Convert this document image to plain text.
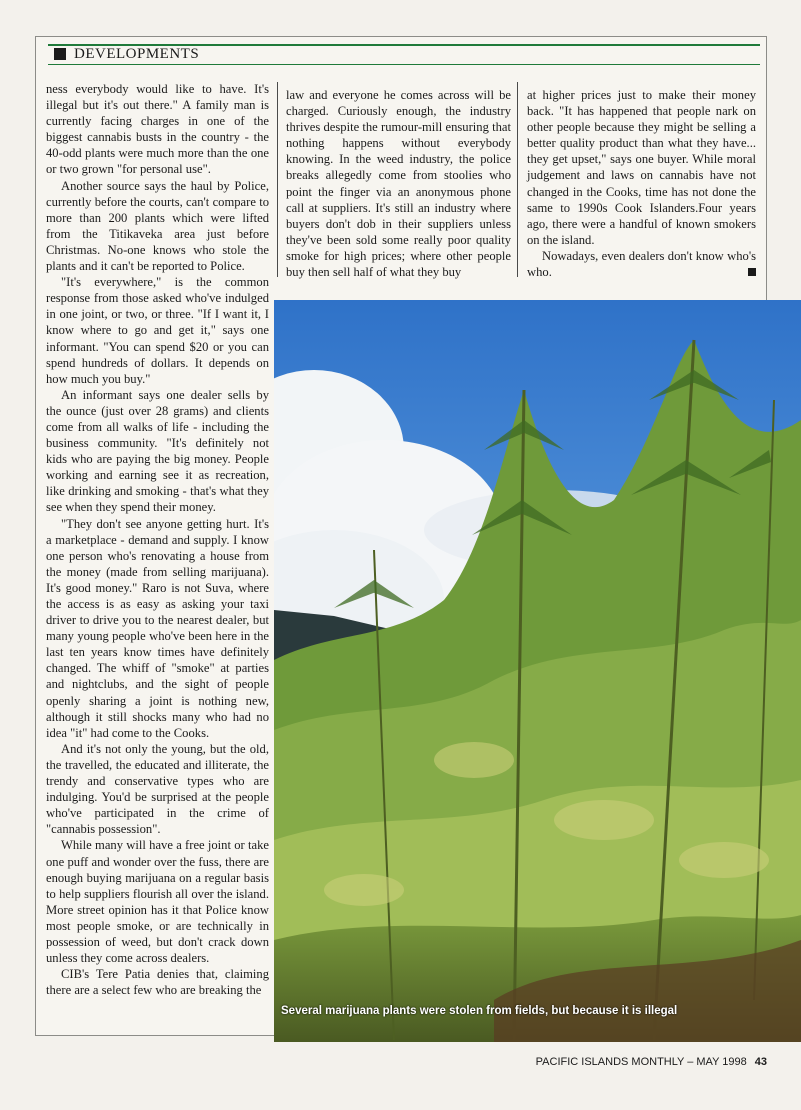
DEVELOPMENTS

ness everybody would like to have. It's illegal but it's out there." A family man is currently facing charges in one of the biggest cannabis busts in the country - the 40-odd plants were much more than the one or two grown "for personal use".

Another source says the haul by Police, currently before the courts, can't compare to more than 200 plants which were lifted from the Titikaveka area just before Christmas. No-one knows who stole the plants and it can't be reported to Police.

"It's everywhere," is the common response from those asked who've indulged in one joint, or two, or three. "If I want it, I know where to go and get it," says one informant. "You can spend $20 or you can spend hundreds of dollars. It depends on how much you buy."

An informant says one dealer sells by the ounce (just over 28 grams) and clients come from all walks of life - including the business community. "It's definitely not kids who are paying the big money. People working and earning see it as recreation, like drinking and smoking - that's what they see when they spend their money.

"They don't see anyone getting hurt. It's a marketplace - demand and supply. I know one person who's renovating a house from the money (made from selling marijuana). It's good money." Raro is not Suva, where the access is as easy as asking your taxi driver to drive you to the nearest dealer, but many young people who've been here in the last ten years know times have definitely changed. The whiff of "smoke" at parties and nightclubs, and the sight of people openly sharing a joint is nothing new, although it still shocks many who had no idea "it" had come to the Cooks.

And it's not only the young, but the old, the travelled, the educated and illiterate, the trendy and conservative types who are indulging. You'd be surprised at the people who've participated in the crime of "cannabis possession".

While many will have a free joint or take one puff and wonder over the fuss, there are enough buying marijuana on a regular basis to help suppliers flourish all over the island. More street opinion has it that Police know most people smoke, or are technically in possession of weed, but don't crack down unless they come across dealers.

CIB's Tere Patia denies that, claiming there are a select few who are breaking the

law and everyone he comes across will be charged. Curiously enough, the industry thrives despite the rumour-mill ensuring that nothing happens without everybody knowing. In the weed industry, the police breaks allegedly come from stoolies who point the finger via an anonymous phone call at suppliers. It's still an industry where buyers don't dob in their suppliers unless they've been sold some really poor quality smoke for high prices; where other people buy then sell half of what they buy

at higher prices just to make their money back. "It has happened that people nark on other people because they might be selling a better quality product than what they have... they get upset," says one buyer. While moral judgement and laws on cannabis have not changed in the Cooks, time has not done the same to 1990s Cook Islanders.Four years ago, there were a handful of known smokers on the island.

Nowadays, even dealers don't know who's who.

Several marijuana plants were stolen from fields, but because it is illegal
PACIFIC ISLANDS MONTHLY – MAY 1998 43
